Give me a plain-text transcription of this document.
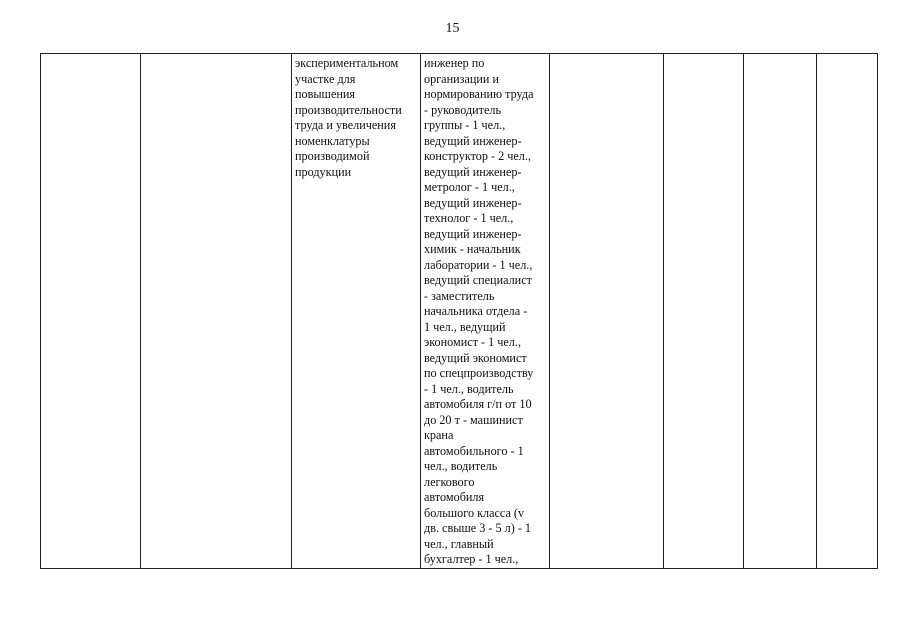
15
		экспериментальном
участке для
повышения
производительности
труда и увеличения
номенклатуры
производимой
продукции	инженер по
организации и
нормированию труда
- руководитель
группы - 1 чел.,
ведущий инженер-
конструктор - 2 чел.,
ведущий инженер-
метролог - 1 чел.,
ведущий инженер-
технолог - 1 чел.,
ведущий инженер-
химик - начальник
лаборатории - 1 чел.,
ведущий специалист
- заместитель
начальника отдела -
1 чел., ведущий
экономист - 1 чел.,
ведущий экономист
по спецпроизводству
- 1 чел., водитель
автомобиля г/п от 10
до 20 т - машинист
крана
автомобильного - 1
чел., водитель
легкового
автомобиля
большого класса (v
дв. свыше 3 - 5 л) - 1
чел., главный
бухгалтер - 1 чел.,				
